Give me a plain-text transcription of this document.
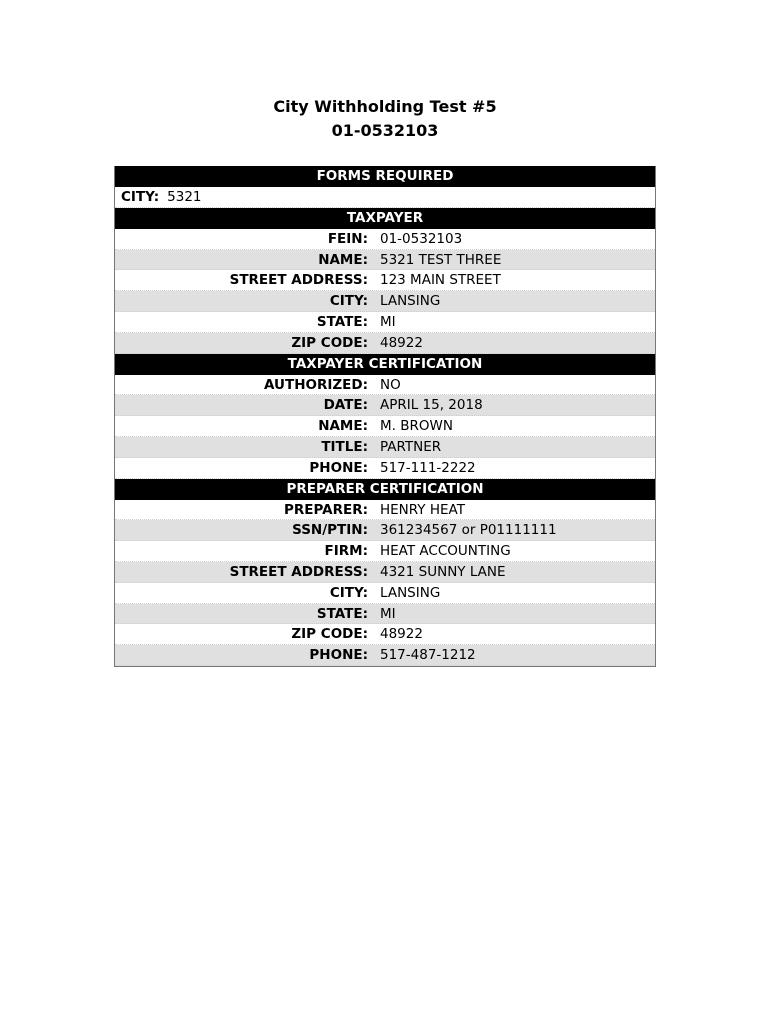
City Withholding Test #5
01-0532103
FORMS REQUIRED
CITY: 5321
TAXPAYER
FEIN: 01-0532103
NAME: 5321 TEST THREE
STREET ADDRESS: 123 MAIN STREET
CITY: LANSING
STATE: MI
ZIP CODE: 48922
TAXPAYER CERTIFICATION
AUTHORIZED: NO
DATE: APRIL 15, 2018
NAME: M. BROWN
TITLE: PARTNER
PHONE: 517-111-2222
PREPARER CERTIFICATION
PREPARER: HENRY HEAT
SSN/PTIN: 361234567 or P01111111
FIRM: HEAT ACCOUNTING
STREET ADDRESS: 4321 SUNNY LANE
CITY: LANSING
STATE: MI
ZIP CODE: 48922
PHONE: 517-487-1212
